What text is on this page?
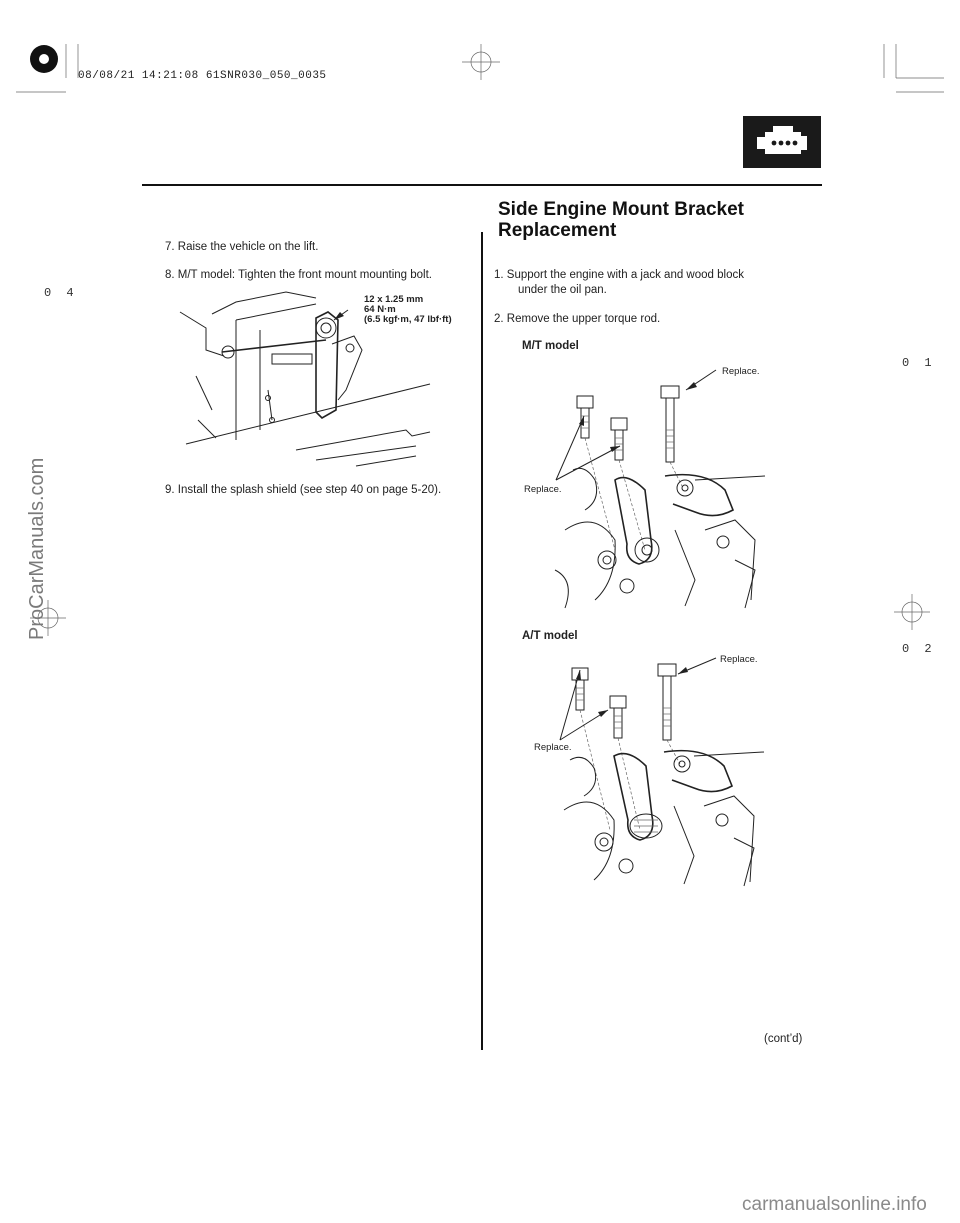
08/08/21 14:21:08 61SNR030_050_0035
Side Engine Mount Bracket
Replacement
0 4
0 1
0 2
7. Raise the vehicle on the lift.
8. M/T model: Tighten the front mount mounting bolt.
12 x 1.25 mm
64 N·m
(6.5 kgf·m, 47 lbf·ft)
9. Install the splash shield (see step 40 on page 5-20).
1. Support the engine with a jack and wood block
under the oil pan.
2. Remove the upper torque rod.
M/T model
Replace.
Replace.
A/T model
Replace.
Replace.
(cont’d)
ProCarManuals.com
carmanualsonline.info
